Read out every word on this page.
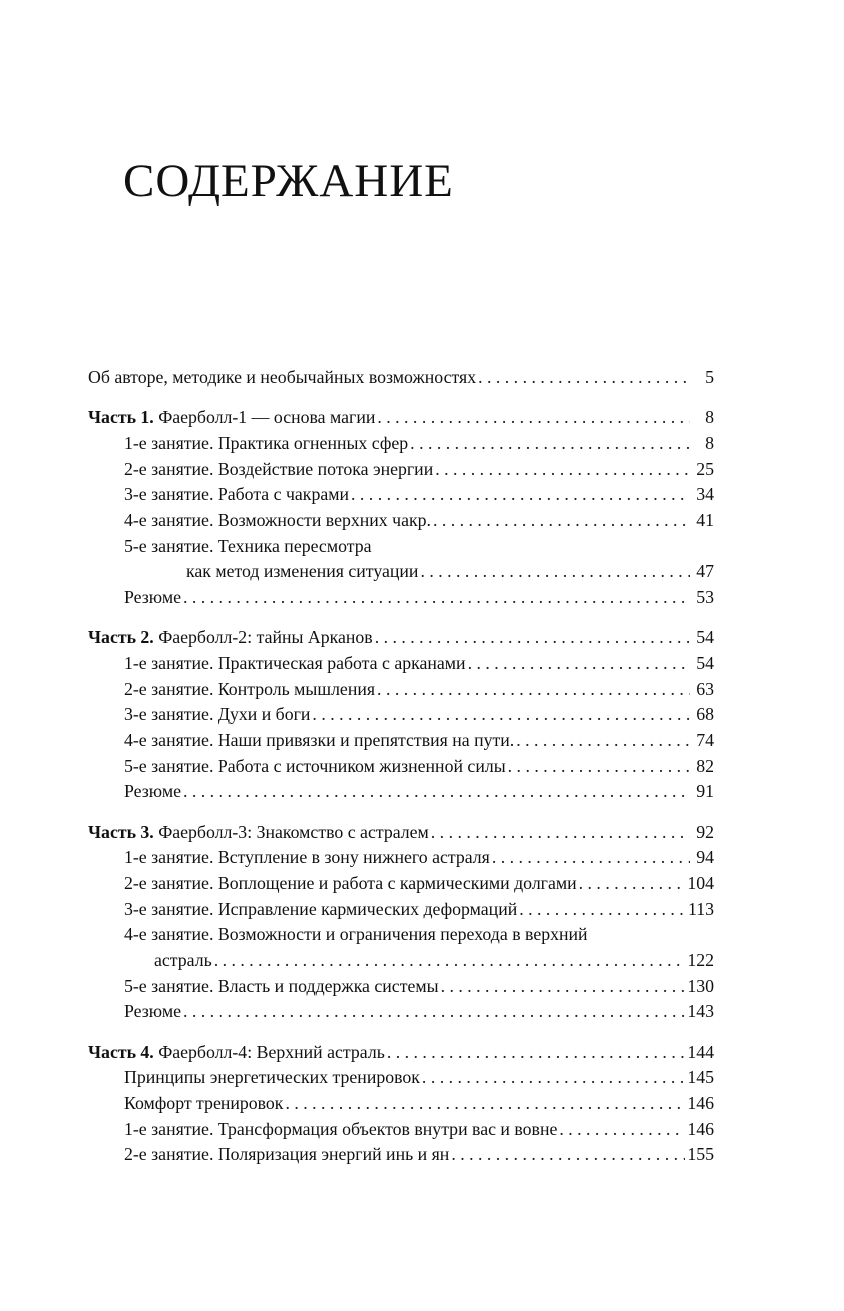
СОДЕРЖАНИЕ
Об авторе, методике и необычайных возможностях . . .	5
Часть 1. Фаерболл-1 — основа магии . . .	8
1-е занятие. Практика огненных сфер . . .	8
2-е занятие. Воздействие потока энергии . . .	25
3-е занятие. Работа с чакрами . . .	34
4-е занятие. Возможности верхних чакр. . . .	41
5-е занятие. Техника пересмотра
как метод изменения ситуации . . .	47
Резюме . . .	53
Часть 2. Фаерболл-2: тайны Арканов . . .	54
1-е занятие. Практическая работа с арканами . . .	54
2-е занятие. Контроль мышления . . .	63
3-е занятие. Духи и боги . . .	68
4-е занятие. Наши привязки и препятствия на пути. . . .	74
5-е занятие. Работа с источником жизненной силы . . .	82
Резюме . . .	91
Часть 3. Фаерболл-3: Знакомство с астралем . . .	92
1-е занятие. Вступление в зону нижнего астраля . . .	94
2-е занятие. Воплощение и работа с кармическими долгами . . .	104
3-е занятие. Исправление кармических деформаций . . .	113
4-е занятие. Возможности и ограничения перехода в верхний
астраль . . .	122
5-е занятие. Власть и поддержка системы . . .	130
Резюме . . .	143
Часть 4. Фаерболл-4: Верхний астраль . . .	144
Принципы энергетических тренировок . . .	145
Комфорт тренировок . . .	146
1-е занятие. Трансформация объектов внутри вас и вовне . . .	146
2-е занятие. Поляризация энергий инь и ян . . .	155
